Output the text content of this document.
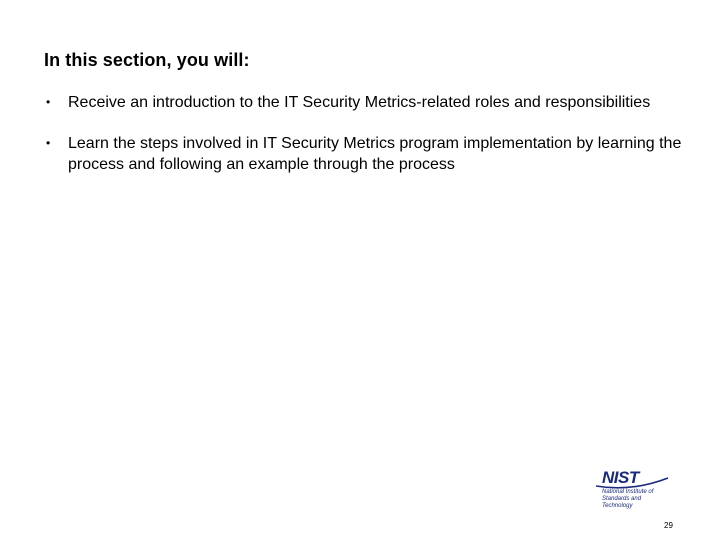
In this section, you will:
• Receive an introduction to the IT Security Metrics-related roles and responsibilities
• Learn the steps involved in IT Security Metrics program implementation by learning the process and following an example through the process
NIST
National Institute of Standards and Technology
29
